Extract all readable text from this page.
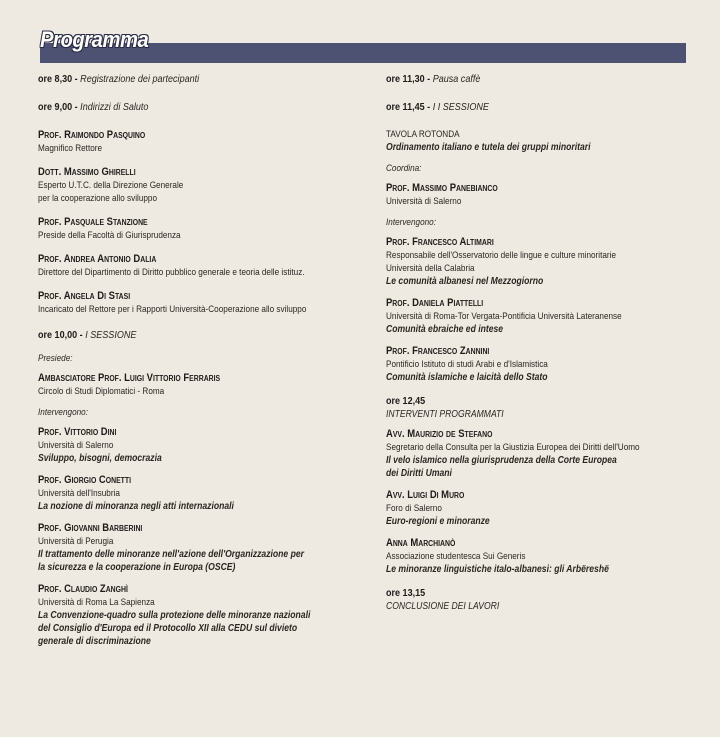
Programma
ore 8,30 - Registrazione dei partecipanti
ore 9,00 - Indirizzi di Saluto
Prof. Raimondo Pasquino
Magnifico Rettore
Dott. Massimo Ghirelli
Esperto U.T.C. della Direzione Generale
per la cooperazione allo sviluppo
Prof. Pasquale Stanzione
Preside della Facoltà di Giurisprudenza
Prof. Andrea Antonio Dalia
Direttore del Dipartimento di Diritto pubblico generale e teoria delle istituz.
Prof. Angela Di Stasi
Incaricato del Rettore per i Rapporti Università-Cooperazione allo sviluppo
ore 10,00 - I SESSIONE
Presiede:
Ambasciatore Prof. Luigi Vittorio Ferraris
Circolo di Studi Diplomatici - Roma
Intervengono:
Prof. Vittorio Dini
Università di Salerno
Sviluppo, bisogni, democrazia
Prof. Giorgio Conetti
Università dell'Insubria
La nozione di minoranza negli atti internazionali
Prof. Giovanni Barberini
Università di Perugia
Il trattamento delle minoranze nell'azione dell'Organizzazione per
la sicurezza e la cooperazione in Europa (OSCE)
Prof. Claudio Zanghì
Università di Roma La Sapienza
La Convenzione-quadro sulla protezione delle minoranze nazionali
del Consiglio d'Europa ed il Protocollo XII alla CEDU sul divieto
generale di discriminazione
ore 11,30 - Pausa caffè
ore 11,45 - I I SESSIONE
TAVOLA ROTONDA
Ordinamento italiano e tutela dei gruppi minoritari
Coordina:
Prof. Massimo Panebianco
Università di Salerno
Intervengono:
Prof. Francesco Altimari
Responsabile dell'Osservatorio delle lingue e culture minoritarie
Università della Calabria
Le comunità albanesi nel Mezzogiorno
Prof. Daniela Piattelli
Università di Roma-Tor Vergata-Pontificia Università Lateranense
Comunità ebraiche ed intese
Prof. Francesco Zannini
Pontificio Istituto di studi Arabi e d'Islamistica
Comunità islamiche e laicità dello Stato
ore 12,45
INTERVENTI PROGRAMMATI
Avv. Maurizio de Stefano
Segretario della Consulta per la Giustizia Europea dei Diritti dell'Uomo
Il velo islamico nella giurisprudenza della Corte Europea
dei Diritti Umani
Avv. Luigi Di Muro
Foro di Salerno
Euro-regioni e minoranze
Anna Marchianò
Associazione studentesca Sui Generis
Le minoranze linguistiche italo-albanesi: gli Arbëreshë
ore 13,15
CONCLUSIONE DEI LAVORI
